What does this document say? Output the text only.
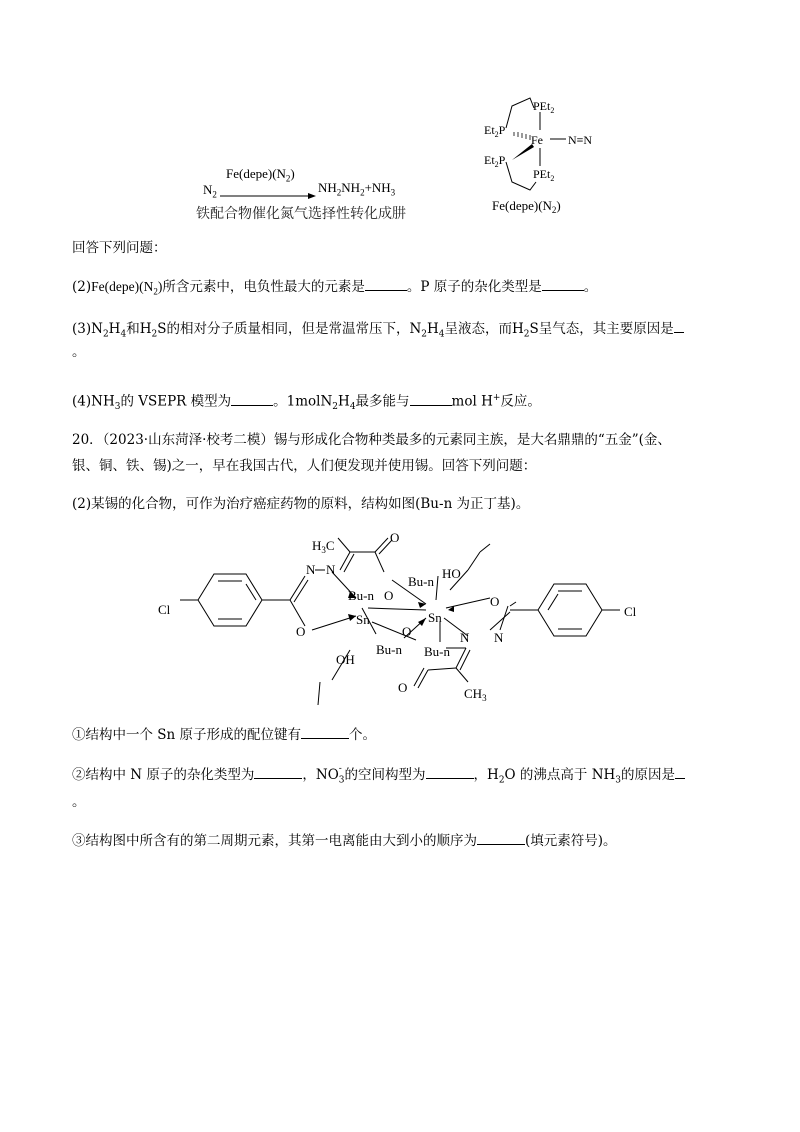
$Fe(depe)(N_2)$
$N_2$	$NH_2NH_2+NH_3$
铁配合物催化氮气选择性转化成肼
PEt$_2$
$Et_2P$
Fe N≡N
$Et_2P$
PEt$_2$
$Fe(depe)(N_2)$
回答下列问题：
$(2)Fe(depe)(N_2)$所含元素中，电负性最大的元素是	。P 原子的杂化类型是	。
$(3)N_2H_4$和$H_2S$的相对分子质量相同，但是常温常压下，$N_2H_4$呈液态，而$H_2S$呈气态，其主要原因是
。
$(4)NH_3$的 VSEPR 模型为	。$1molN_2H_4$最多能与	mol H+反应。
20．（2023·山东菏泽·校考二模）锡与形成化合物种类最多的元素同主族，是大名鼎鼎的“五金”(金、
银、铜、铁、锡)之一，早在我国古代，人们便发现并使用锡。回答下列问题：
(2)某锡的化合物，可作为治疗癌症药物的原料，结构如图(Bu-n 为正丁基)。
$H_3C$
O
N N
Bu-n O
Bu-n
HO
Cl
Sn	Sn
O
Cl
O	N N
Bu-n
O
Bu-n
OH
O	$CH_3$
①结构中一个 Sn 原子形成的配位键有	个。
②结构中 N 原子的杂化类型为	，$NO_3$
- 的空间构型为	，$H_2O$ 的沸点高于 $NH_3$的原因是
。
③结构图中所含有的第二周期元素，其第一电离能由大到小的顺序为	(填元素符号)。
